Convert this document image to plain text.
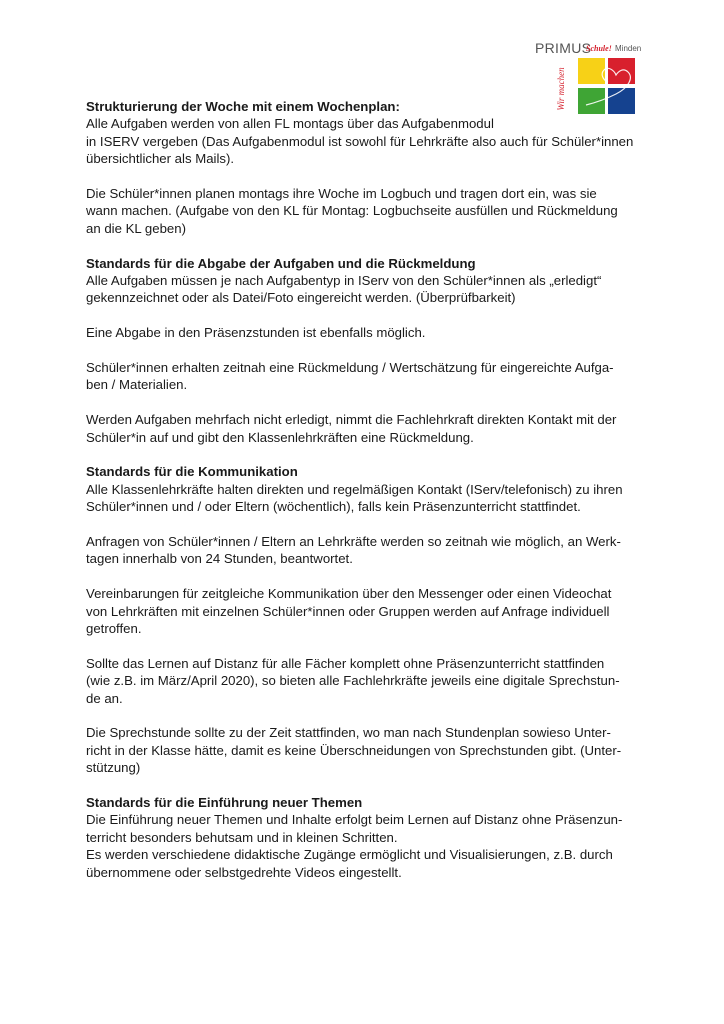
PRIMUS
Schule! Minden
Wir machen

Strukturierung der Woche mit einem Wochenplan:

Alle Aufgaben werden von allen FL montags über das Aufgabenmodul

in ISERV vergeben (Das Aufgabenmodul ist sowohl für Lehrkräfte also auch für Schüler*innen

übersichtlicher als Mails).

Die Schüler*innen planen montags ihre Woche im Logbuch und tragen dort ein, was sie

wann machen. (Aufgabe von den KL für Montag: Logbuchseite ausfüllen und Rückmeldung

an die KL geben)

Standards für die Abgabe der Aufgaben und die Rückmeldung

Alle Aufgaben müssen je nach Aufgabentyp in IServ von den Schüler*innen als „erledigt“

gekennzeichnet oder als Datei/Foto eingereicht werden. (Überprüfbarkeit)

Eine Abgabe in den Präsenzstunden ist ebenfalls möglich.

Schüler*innen erhalten zeitnah eine Rückmeldung / Wertschätzung für eingereichte Aufga-

ben / Materialien.

Werden Aufgaben mehrfach nicht erledigt, nimmt die Fachlehrkraft direkten Kontakt mit der

Schüler*in auf und gibt den Klassenlehrkräften eine Rückmeldung.

Standards für die Kommunikation

Alle Klassenlehrkräfte halten direkten und regelmäßigen Kontakt (IServ/telefonisch) zu ihren

Schüler*innen und / oder Eltern (wöchentlich), falls kein Präsenzunterricht stattfindet.

Anfragen von Schüler*innen / Eltern an Lehrkräfte werden so zeitnah wie möglich, an Werk-

tagen innerhalb von 24 Stunden, beantwortet.

Vereinbarungen für zeitgleiche Kommunikation über den Messenger oder einen Videochat

von Lehrkräften mit einzelnen Schüler*innen oder Gruppen werden auf Anfrage individuell

getroffen.

Sollte das Lernen auf Distanz für alle Fächer komplett ohne Präsenzunterricht stattfinden

(wie z.B. im März/April 2020), so bieten alle Fachlehrkräfte jeweils eine digitale Sprechstun-

de an.

Die Sprechstunde sollte zu der Zeit stattfinden, wo man nach Stundenplan sowieso Unter-

richt in der Klasse hätte, damit es keine Überschneidungen von Sprechstunden gibt. (Unter-

stützung)

Standards für die Einführung neuer Themen

Die Einführung neuer Themen und Inhalte erfolgt beim Lernen auf Distanz ohne Präsenzun-

terricht besonders behutsam und in kleinen Schritten.

Es werden verschiedene didaktische Zugänge ermöglicht und Visualisierungen, z.B. durch

übernommene oder selbstgedrehte Videos eingestellt.
